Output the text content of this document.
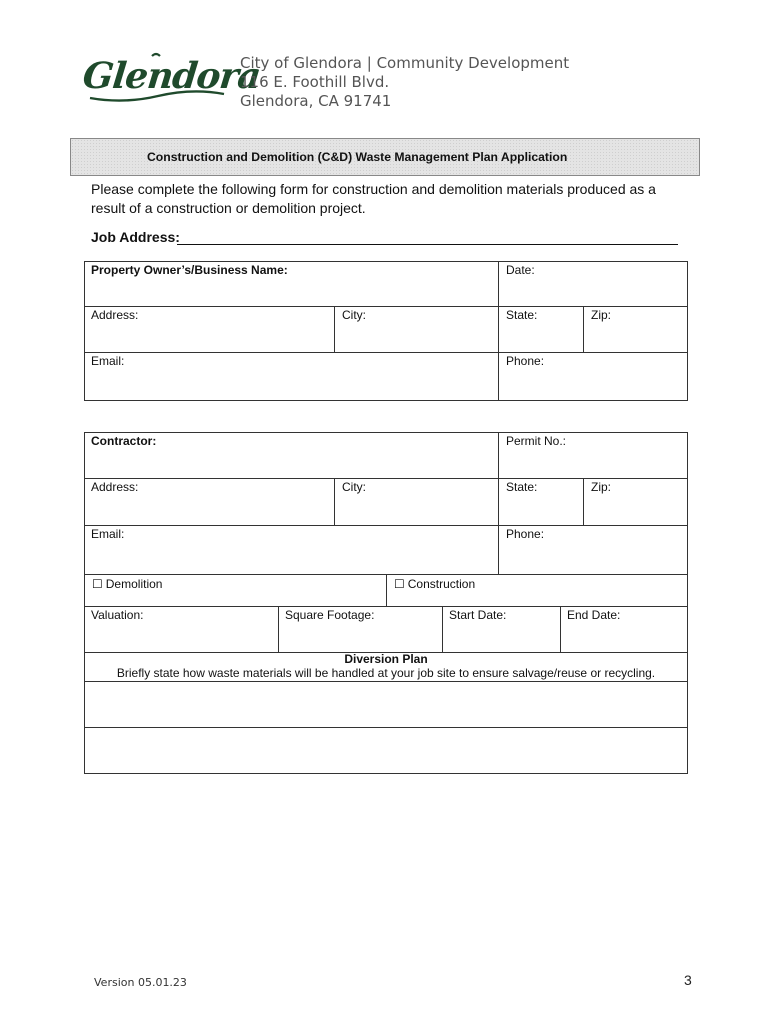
Glendora
City of Glendora | Community Development
116 E. Foothill Blvd.
Glendora, CA 91741
Construction and Demolition (C&D) Waste Management Plan Application
Please complete the following form for construction and demolition materials produced as a result of a construction or demolition project.
Job Address:
Property Owner’s/Business Name:	Date:
Address:	City:	State:	Zip:
Email:	Phone:
Contractor:	Permit No.:
Address:	City:	State:	Zip:
Email:	Phone:
☐ Demolition	☐ Construction
Valuation:	Square Footage:	Start Date:	End Date:
Diversion Plan
Briefly state how waste materials will be handled at your job site to ensure salvage/reuse or recycling.
Version 05.01.23	3
